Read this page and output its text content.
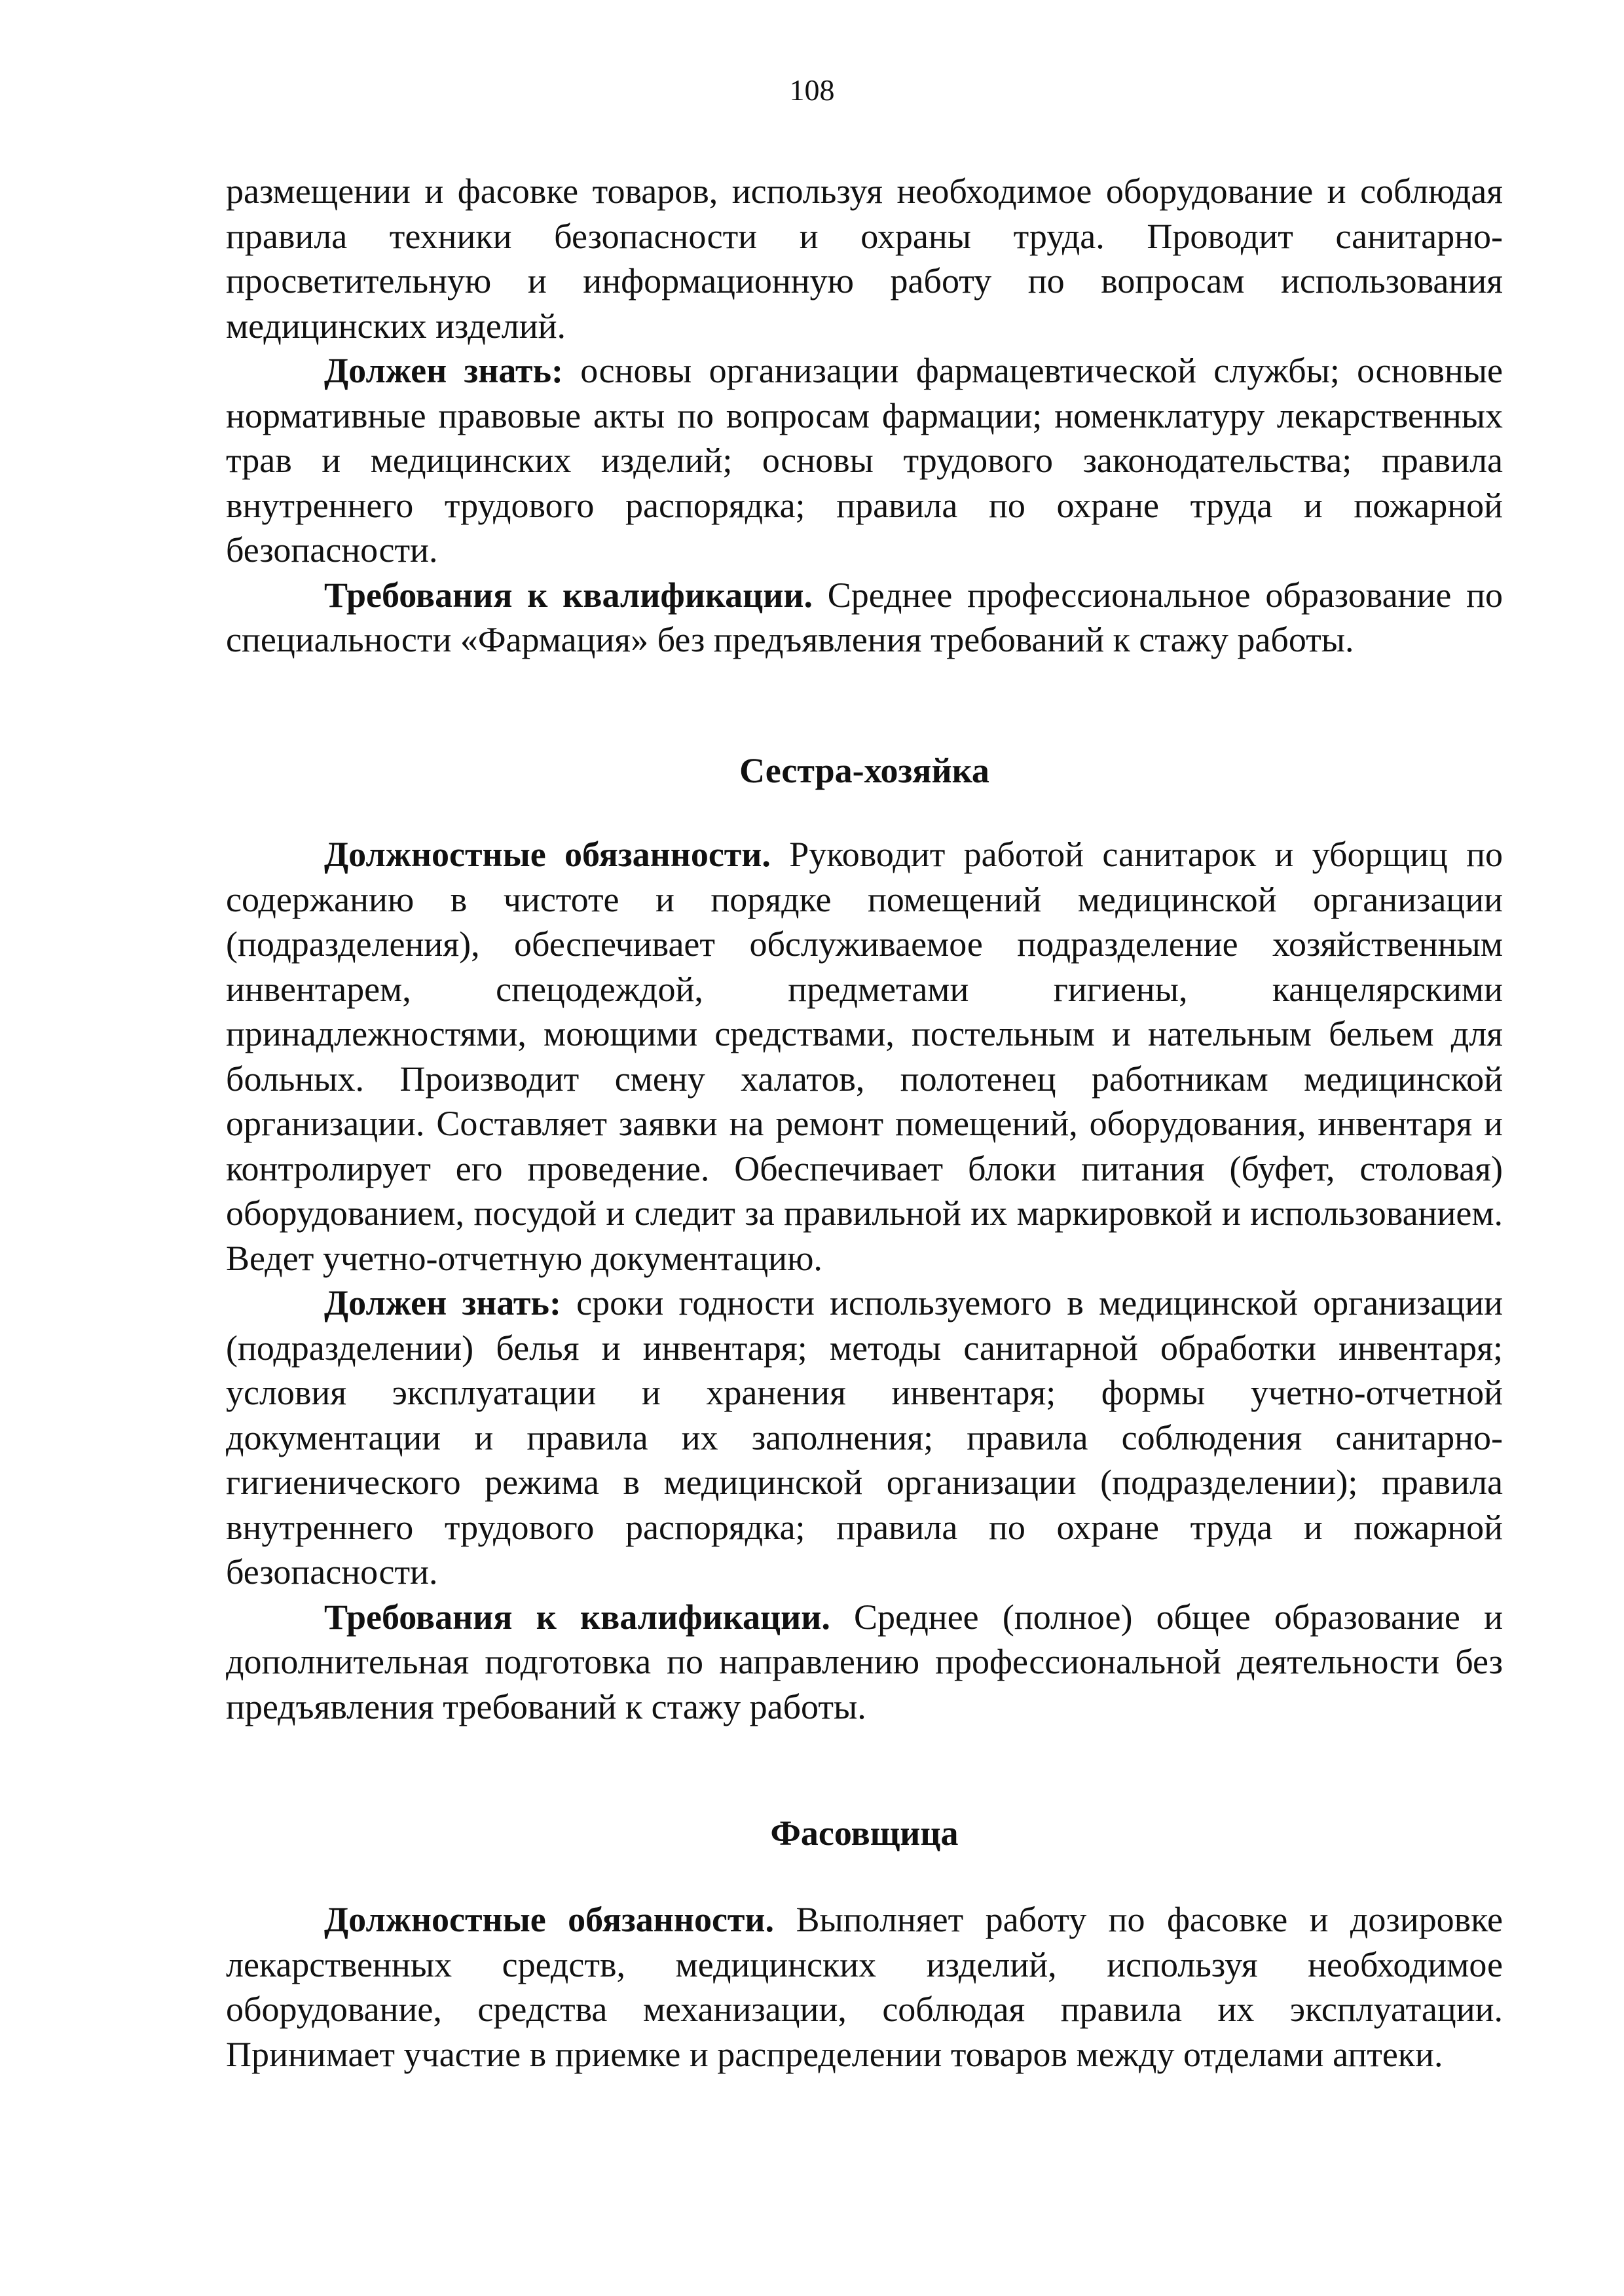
108

размещении и фасовке товаров, используя необходимое оборудование и соблюдая правила техники безопасности и охраны труда. Проводит санитарно-просветительную и информационную работу по вопросам использования медицинских изделий.

Должен знать: основы организации фармацевтической службы; основные нормативные правовые акты по вопросам фармации; номенклатуру лекарственных трав и медицинских изделий; основы трудового законодательства; правила внутреннего трудового распорядка; правила по охране труда и пожарной безопасности.

Требования к квалификации. Среднее профессиональное образование по специальности «Фармация» без предъявления требований к стажу работы.

Сестра-хозяйка

Должностные обязанности. Руководит работой санитарок и уборщиц по содержанию в чистоте и порядке помещений медицинской организации (подразделения), обеспечивает обслуживаемое подразделение хозяйственным инвентарем, спецодеждой, предметами гигиены, канцелярскими принадлежностями, моющими средствами, постельным и нательным бельем для больных. Производит смену халатов, полотенец работникам медицинской организации. Составляет заявки на ремонт помещений, оборудования, инвентаря и контролирует его проведение. Обеспечивает блоки питания (буфет, столовая) оборудованием, посудой и следит за правильной их маркировкой и использованием. Ведет учетно-отчетную документацию.

Должен знать: сроки годности используемого в медицинской организации (подразделении) белья и инвентаря; методы санитарной обработки инвентаря; условия эксплуатации и хранения инвентаря; формы учетно-отчетной документации и правила их заполнения; правила соблюдения санитарно-гигиенического режима в медицинской организации (подразделении); правила внутреннего трудового распорядка; правила по охране труда и пожарной безопасности.

Требования к квалификации. Среднее (полное) общее образование и дополнительная подготовка по направлению профессиональной деятельности без предъявления требований к стажу работы.

Фасовщица

Должностные обязанности. Выполняет работу по фасовке и дозировке лекарственных средств, медицинских изделий, используя необходимое оборудование, средства механизации, соблюдая правила их эксплуатации. Принимает участие в приемке и распределении товаров между отделами аптеки.
